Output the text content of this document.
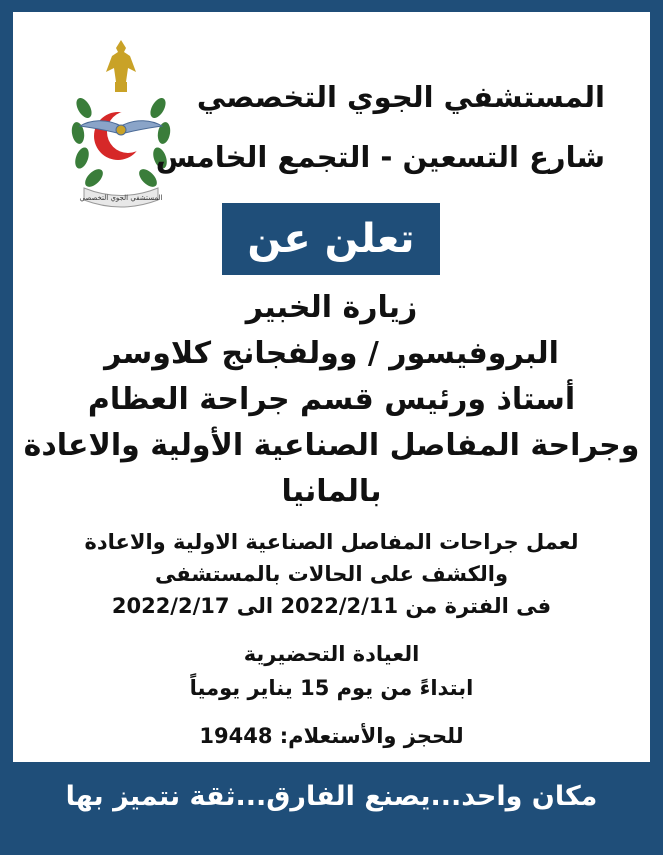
المستشفي الجوي التخصصي
المستشفي الجوي التخصصي
شارع التسعين - التجمع الخامس
تعلن عن
زيارة الخبير
البروفيسور / وولفجانج كلاوسر
أستاذ ورئيس قسم جراحة العظام
وجراحة المفاصل الصناعية الأولية والاعادة
بالمانيا
لعمل جراحات المفاصل الصناعية الاولية والاعادة
والكشف على الحالات بالمستشفى
فى الفترة من 2022/2/11 الى 2022/2/17
العيادة التحضيرية
ابتداءً من يوم 15 يناير يومياً
للحجز والأستعلام: 19448
مكان واحد...يصنع الفارق...ثقة نتميز بها
